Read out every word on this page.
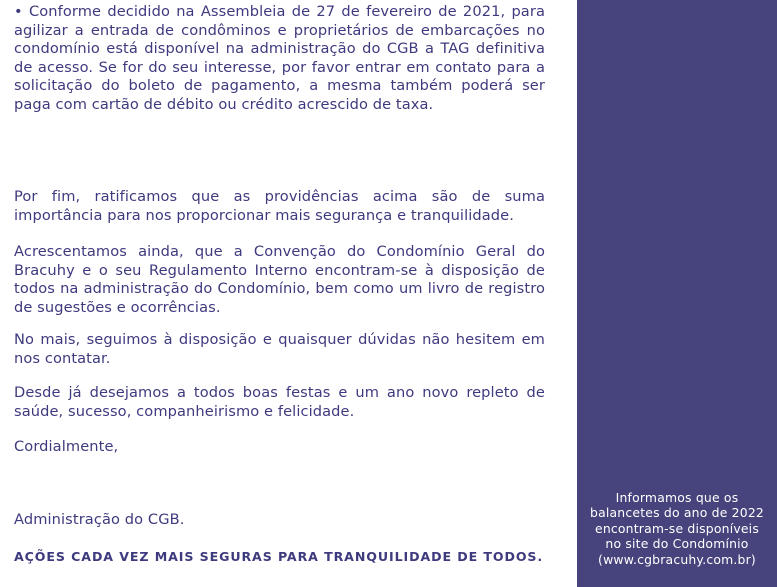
• Conforme decidido na Assembleia de 27 de fevereiro de 2021, para agilizar a entrada de condôminos e proprietários de embarcações no condomínio está disponível na administração do CGB a TAG definitiva de acesso. Se for do seu interesse, por favor entrar em contato para a solicitação do boleto de pagamento, a mesma também poderá ser paga com cartão de débito ou crédito acrescido de taxa.

Por fim, ratificamos que as providências acima são de suma importância para nos proporcionar mais segurança e tranquilidade.

Acrescentamos ainda, que a Convenção do Condomínio Geral do Bracuhy e o seu Regulamento Interno encontram-se à disposição de todos na administração do Condomínio, bem como um livro de registro de sugestões e ocorrências.

No mais, seguimos à disposição e quaisquer dúvidas não hesitem em nos contatar.

Desde já desejamos a todos boas festas e um ano novo repleto de saúde, sucesso, companheirismo e felicidade.

Cordialmente,

Administração do CGB.

AÇÕES CADA VEZ MAIS SEGURAS PARA TRANQUILIDADE DE TODOS.

Informamos que os
balancetes do ano de 2022
encontram-se disponíveis
no site do Condomínio
(www.cgbracuhy.com.br)
